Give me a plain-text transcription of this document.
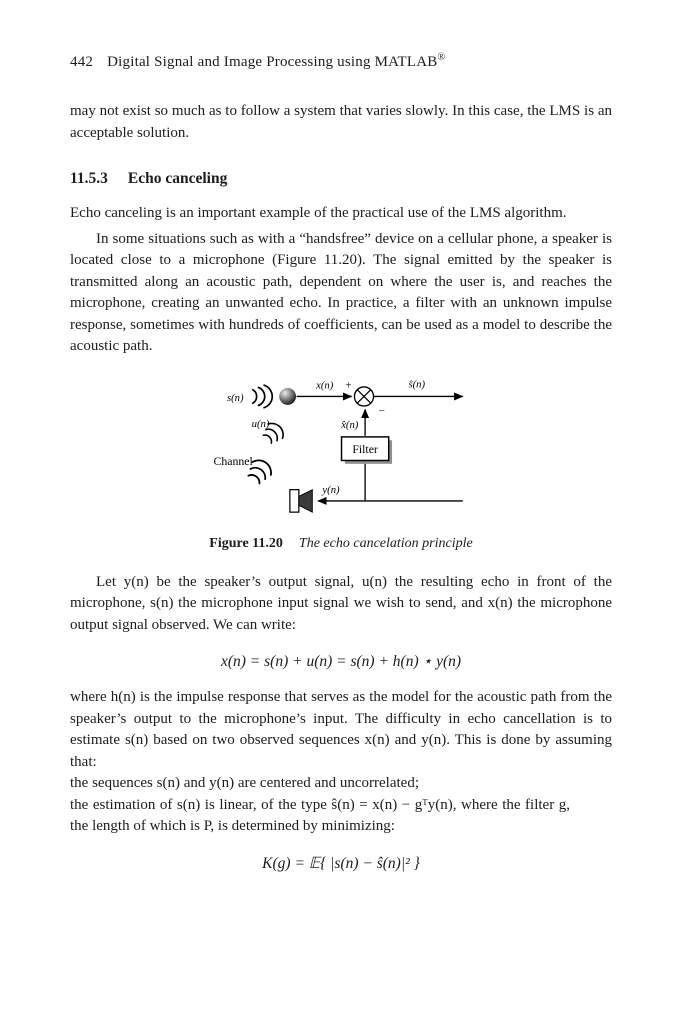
442 Digital Signal and Image Processing using MATLAB®

may not exist so much as to follow a system that varies slowly. In this case, the LMS is an acceptable solution.

11.5.3 Echo canceling

Echo canceling is an important example of the practical use of the LMS algorithm.

In some situations such as with a “handsfree” device on a cellular phone, a speaker is located close to a microphone (Figure 11.20). The signal emitted by the speaker is transmitted along an acoustic path, dependent on where the user is, and reaches the microphone, creating an unwanted echo. In practice, a filter with an unknown impulse response, sometimes with hundreds of coefficients, can be used as a model to describe the acoustic path.

s(n)
u(n)
x(n) +
−
ŝ(n)
x̂(n)
Filter
y(n)
Channel
Figure 11.20 The echo cancelation principle

Let y(n) be the speaker’s output signal, u(n) the resulting echo in front of the microphone, s(n) the microphone input signal we wish to send, and x(n) the microphone output signal observed. We can write:

x(n) = s(n) + u(n) = s(n) + h(n) ⋆ y(n)

where h(n) is the impulse response that serves as the model for the acoustic path from the speaker’s output to the microphone’s input. The difficulty in echo cancellation is to estimate s(n) based on two observed sequences x(n) and y(n). This is done by assuming that:

the sequences s(n) and y(n) are centered and uncorrelated;

the estimation of s(n) is linear, of the type ŝ(n) = x(n) − gᵀy(n), where the filter g, the length of which is P, is determined by minimizing:

K(g) = 𝔼{ |s(n) − ŝ(n)|² }
